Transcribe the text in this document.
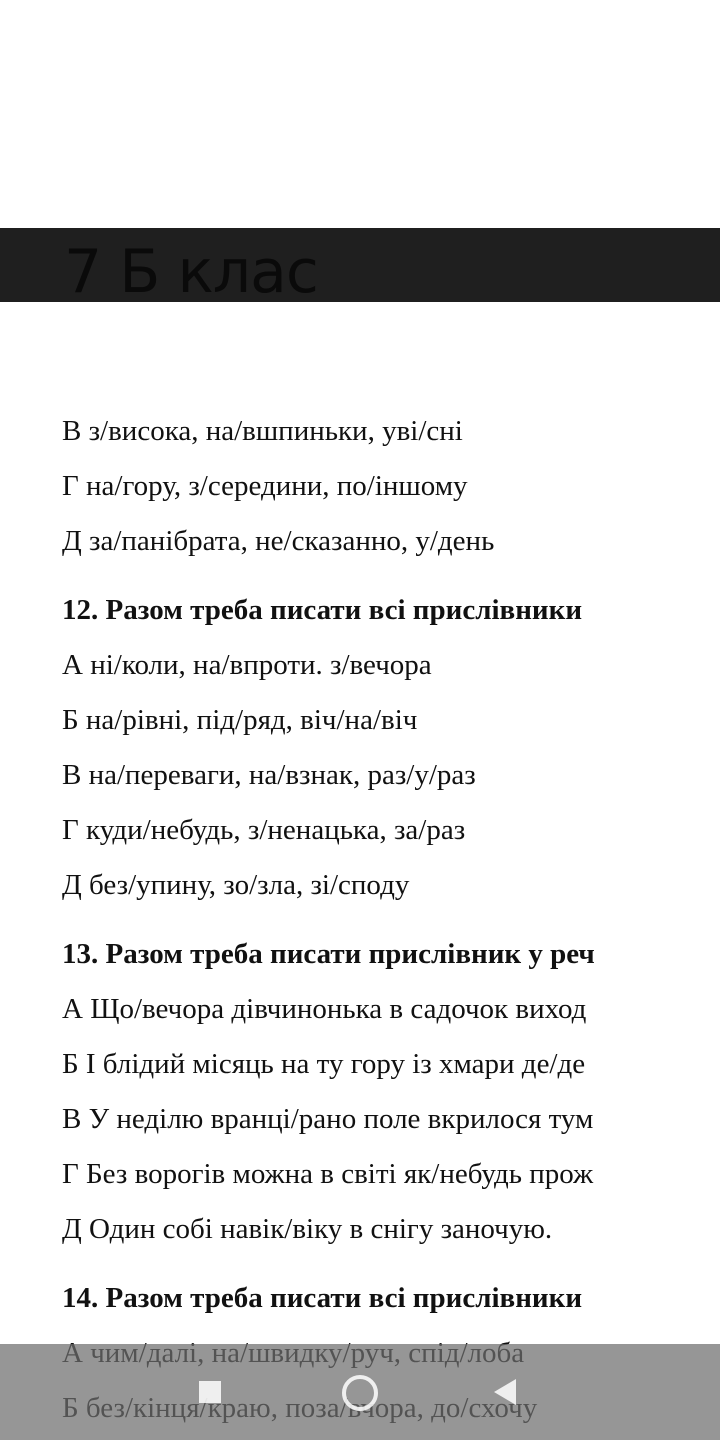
7 Б клас
В з/висока, на/вшпиньки, уві/сні
Г на/гору, з/середини, по/іншому
Д за/панібрата, не/сказанно, у/день
12. Разом треба писати всі прислівники
А ні/коли, на/впроти. з/вечора
Б на/рівні, під/ряд, віч/на/віч
В на/переваги, на/взнак, раз/у/раз
Г куди/небудь, з/ненацька, за/раз
Д без/упину, зо/зла, зі/споду
13. Разом треба писати прислівник у реч
А Що/вечора дівчинонька в садочок виход
Б І блідий місяць на ту гору із хмари де/де
В У неділю вранці/рано поле вкрилося тум
Г Без ворогів можна в світі як/небудь прож
Д Один собі навік/віку в снігу заночую.
14. Разом треба писати всі прислівники
